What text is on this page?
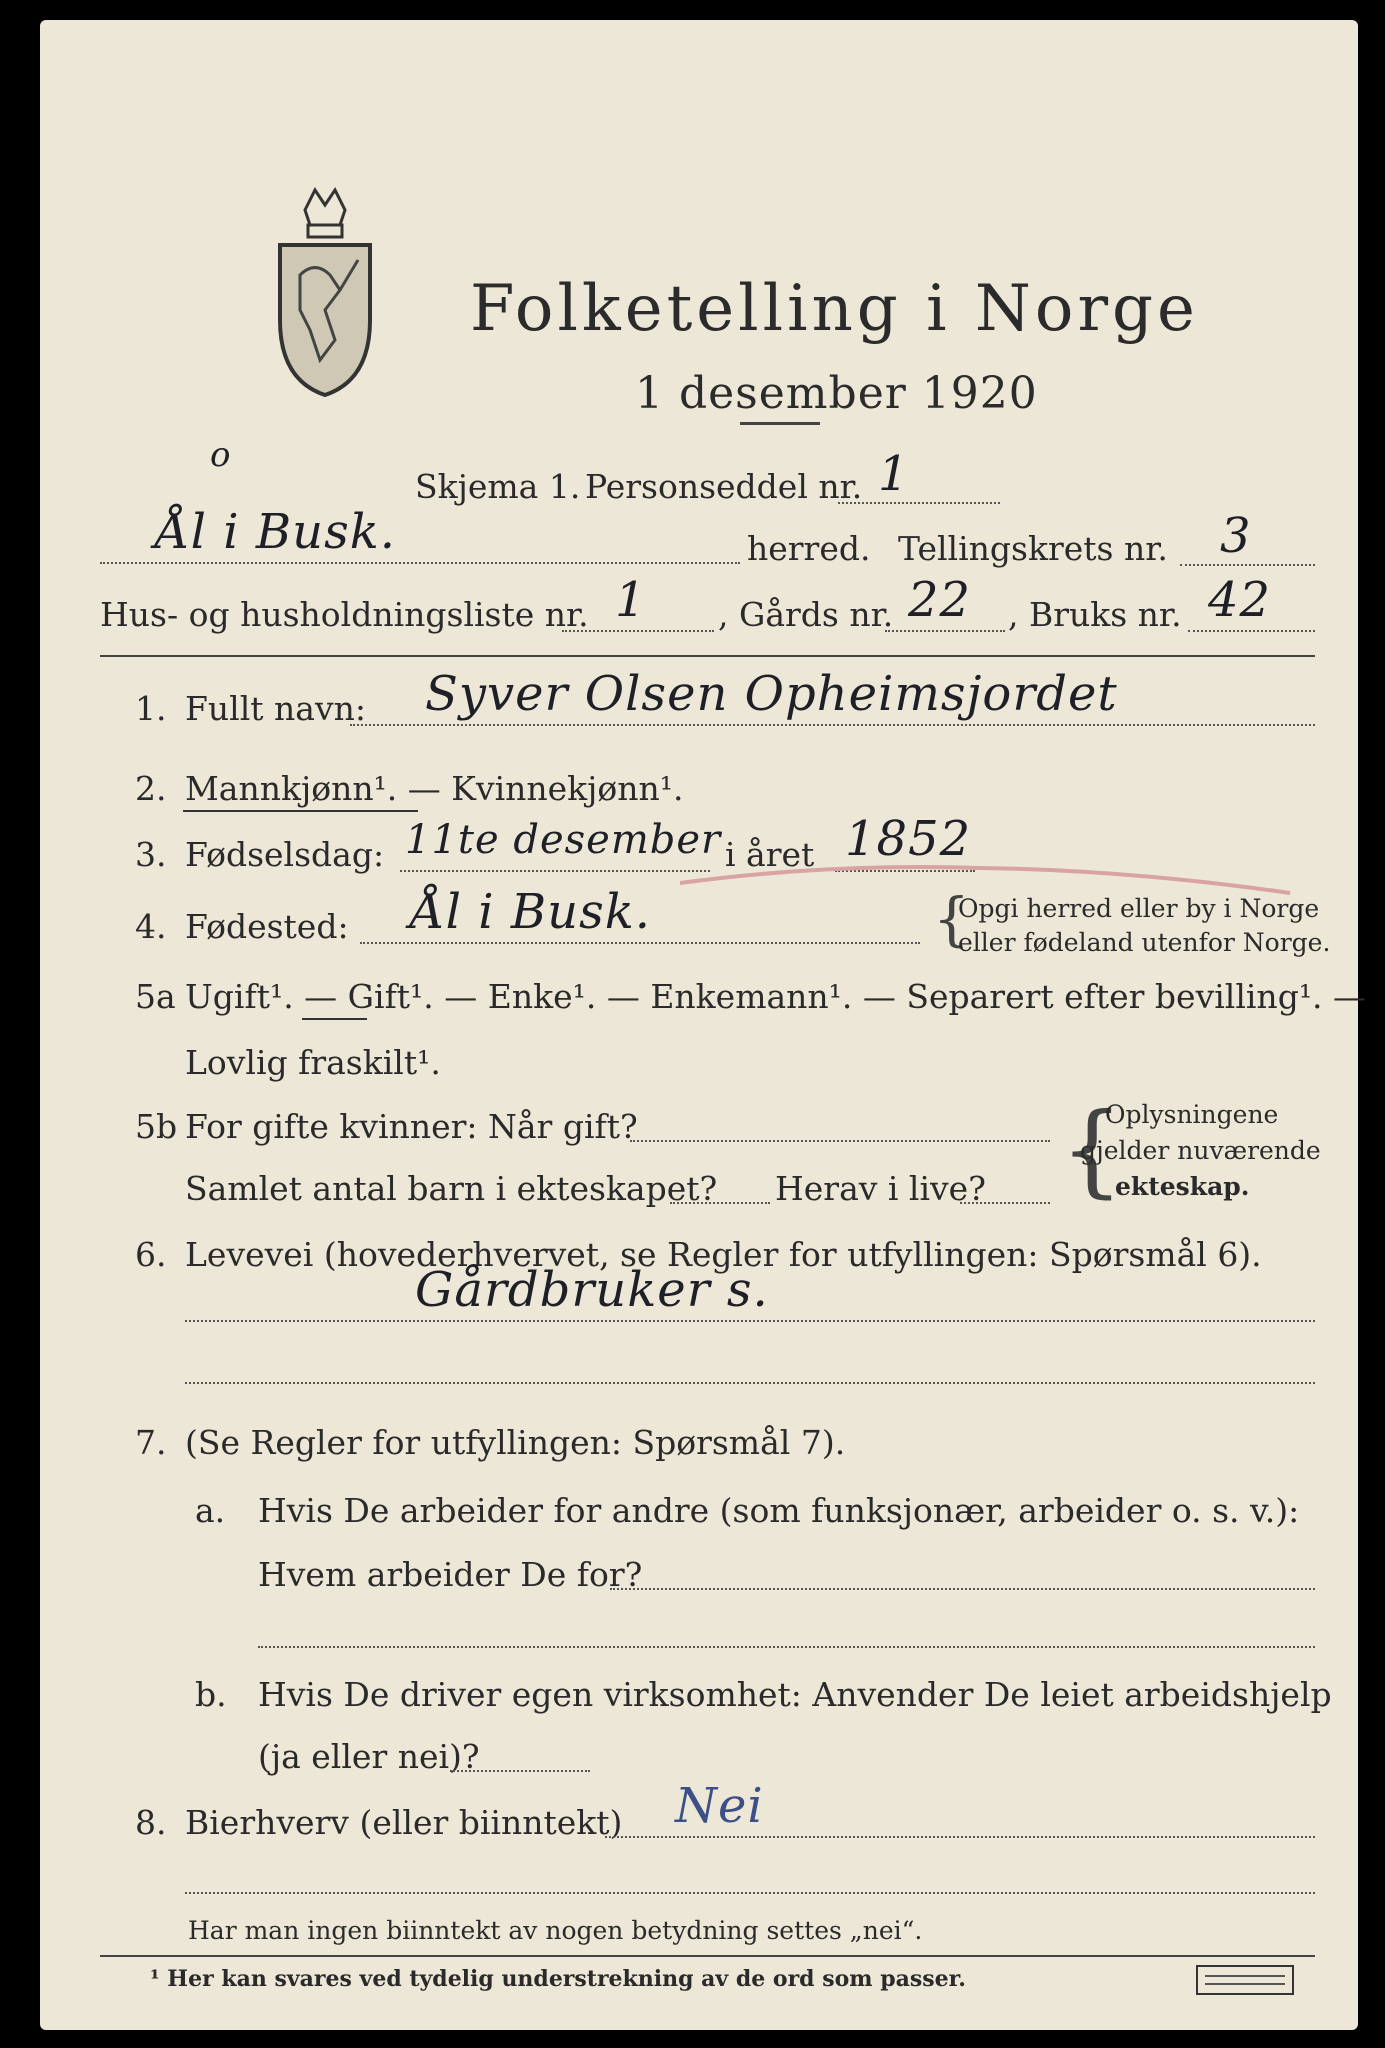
Folketelling i Norge
1 desember 1920
o
Skjema 1. Personseddel nr. 1
Ål i Busk.	herred. Tellingskrets nr. 3
Hus- og husholdningsliste nr. 1 , Gårds nr. 22 , Bruks nr. 42
1. Fullt navn: Syver Olsen Opheimsjordet
2. Mannkjønn¹. — Kvinnekjønn¹.
3. Fødselsdag: 11te desember i året 1852
4. Fødested: Ål i Busk.	{
Opgi herred eller by i Norge
eller fødeland utenfor Norge.
5a Ugift¹. — Gift¹. — Enke¹. — Enkemann¹. — Separert efter bevilling¹. —
Lovlig fraskilt¹.
5b For gifte kvinner: Når gift?
Samlet antal barn i ekteskapet? Herav i live? {
Oplysningene
gjelder nuværende
ekteskap.
6. Levevei (hovederhvervet, se Regler for utfyllingen: Spørsmål 6).
Gårdbruker s.
7. (Se Regler for utfyllingen: Spørsmål 7).
a. Hvis De arbeider for andre (som funksjonær, arbeider o. s. v.):
Hvem arbeider De for?
b. Hvis De driver egen virksomhet: Anvender De leiet arbeidshjelp
(ja eller nei)?
8. Bierhverv (eller biinntekt) Nei
Har man ingen biinntekt av nogen betydning settes „nei“.
¹ Her kan svares ved tydelig understrekning av de ord som passer.
